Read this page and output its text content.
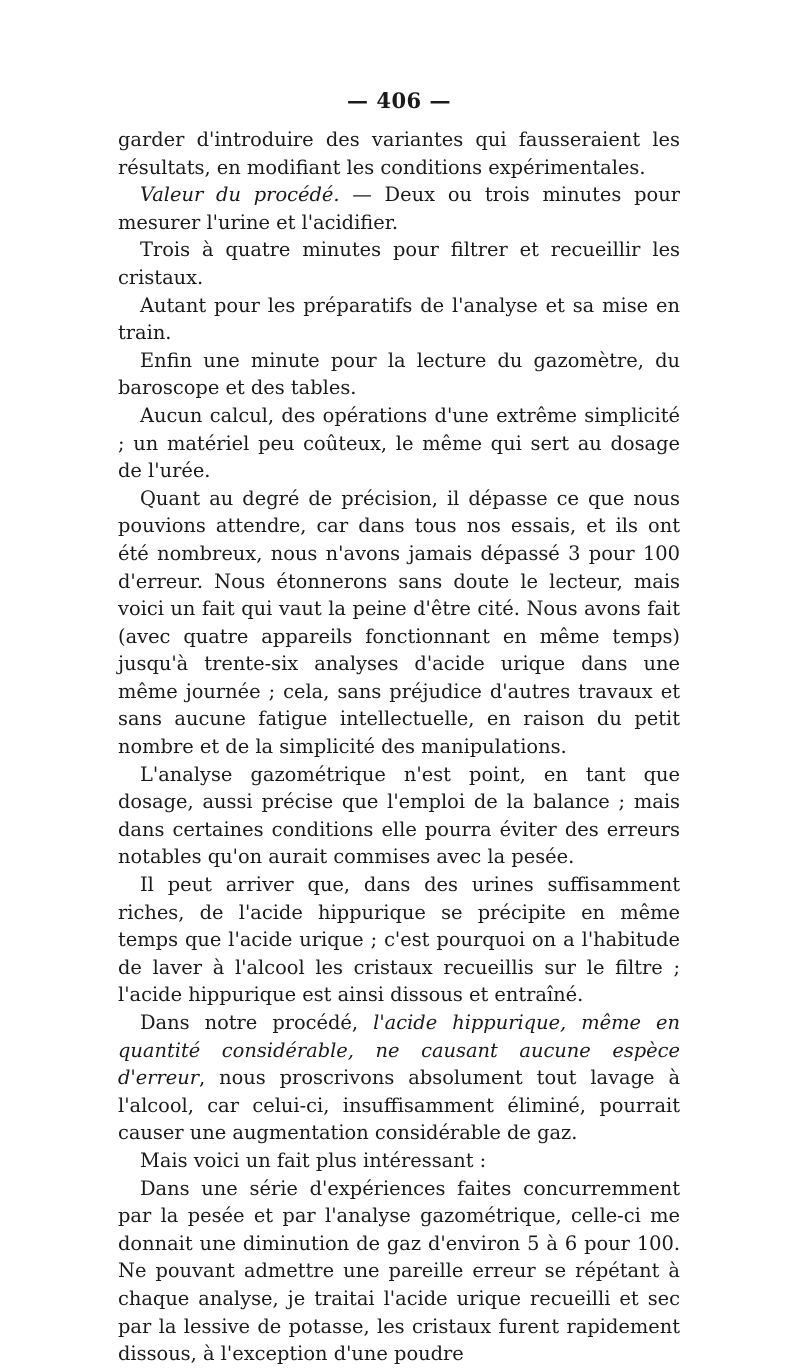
— 406 —

garder d'introduire des variantes qui fausseraient les résultats, en modifiant les conditions expérimentales.

Valeur du procédé. — Deux ou trois minutes pour mesurer l'urine et l'acidifier.

Trois à quatre minutes pour filtrer et recueillir les cristaux.

Autant pour les préparatifs de l'analyse et sa mise en train.

Enfin une minute pour la lecture du gazomètre, du baroscope et des tables.

Aucun calcul, des opérations d'une extrême simplicité ; un matériel peu coûteux, le même qui sert au dosage de l'urée.

Quant au degré de précision, il dépasse ce que nous pouvions attendre, car dans tous nos essais, et ils ont été nombreux, nous n'avons jamais dépassé 3 pour 100 d'erreur. Nous étonnerons sans doute le lecteur, mais voici un fait qui vaut la peine d'être cité. Nous avons fait (avec quatre appareils fonctionnant en même temps) jusqu'à trente-six analyses d'acide urique dans une même journée ; cela, sans préjudice d'autres travaux et sans aucune fatigue intellectuelle, en raison du petit nombre et de la simplicité des manipulations.

L'analyse gazométrique n'est point, en tant que dosage, aussi précise que l'emploi de la balance ; mais dans certaines conditions elle pourra éviter des erreurs notables qu'on aurait commises avec la pesée.

Il peut arriver que, dans des urines suffisamment riches, de l'acide hippurique se précipite en même temps que l'acide urique ; c'est pourquoi on a l'habitude de laver à l'alcool les cristaux recueillis sur le filtre ; l'acide hippurique est ainsi dissous et entraîné.

Dans notre procédé, l'acide hippurique, même en quantité considérable, ne causant aucune espèce d'erreur, nous proscrivons absolument tout lavage à l'alcool, car celui-ci, insuffisamment éliminé, pourrait causer une augmentation considérable de gaz.

Mais voici un fait plus intéressant :

Dans une série d'expériences faites concurremment par la pesée et par l'analyse gazométrique, celle-ci me donnait une diminution de gaz d'environ 5 à 6 pour 100. Ne pouvant admettre une pareille erreur se répétant à chaque analyse, je traitai l'acide urique recueilli et sec par la lessive de potasse, les cristaux furent rapidement dissous, à l'exception d'une poudre
